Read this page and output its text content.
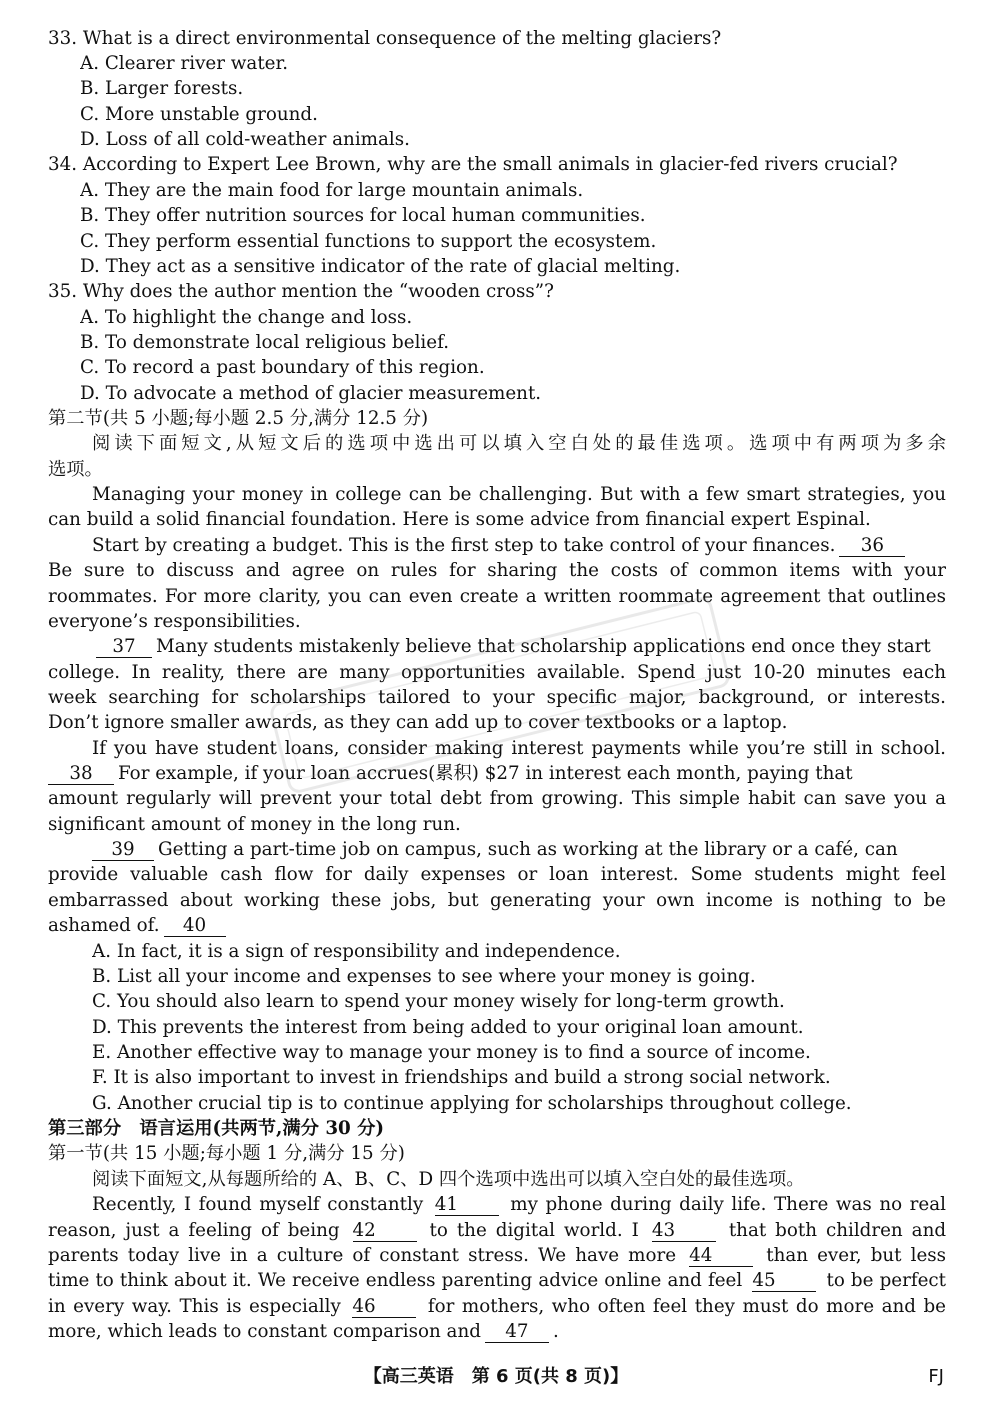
33. What is a direct environmental consequence of the melting glaciers?
A. Clearer river water.
B. Larger forests.
C. More unstable ground.
D. Loss of all cold-weather animals.
34. According to Expert Lee Brown, why are the small animals in glacier-fed rivers crucial?
A. They are the main food for large mountain animals.
B. They offer nutrition sources for local human communities.
C. They perform essential functions to support the ecosystem.
D. They act as a sensitive indicator of the rate of glacial melting.
35. Why does the author mention the “wooden cross”?
A. To highlight the change and loss.
B. To demonstrate local religious belief.
C. To record a past boundary of this region.
D. To advocate a method of glacier measurement.
第二节(共 5 小题;每小题 2.5 分,满分 12.5 分)
阅读下面短文,从短文后的选项中选出可以填入空白处的最佳选项。选项中有两项为多余
选项。
Managing your money in college can be challenging. But with a few smart strategies, you
can build a solid financial foundation. Here is some advice from financial expert Espinal.
Start by creating a budget. This is the first step to take control of your finances. 36
Be sure to discuss and agree on rules for sharing the costs of common items with your
roommates. For more clarity, you can even create a written roommate agreement that outlines
everyone’s responsibilities.
37 Many students mistakenly believe that scholarship applications end once they start
college. In reality, there are many opportunities available. Spend just 10-20 minutes each
week searching for scholarships tailored to your specific major, background, or interests.
Don’t ignore smaller awards, as they can add up to cover textbooks or a laptop.
If you have student loans, consider making interest payments while you’re still in school.
38 For example, if your loan accrues(累积) $27 in interest each month, paying that
amount regularly will prevent your total debt from growing. This simple habit can save you a
significant amount of money in the long run.
39 Getting a part-time job on campus, such as working at the library or a café, can
provide valuable cash flow for daily expenses or loan interest. Some students might feel
embarrassed about working these jobs, but generating your own income is nothing to be
ashamed of. 40
A. In fact, it is a sign of responsibility and independence.
B. List all your income and expenses to see where your money is going.
C. You should also learn to spend your money wisely for long-term growth.
D. This prevents the interest from being added to your original loan amount.
E. Another effective way to manage your money is to find a source of income.
F. It is also important to invest in friendships and build a strong social network.
G. Another crucial tip is to continue applying for scholarships throughout college.
第三部分　语言运用(共两节,满分 30 分)
第一节(共 15 小题;每小题 1 分,满分 15 分)
阅读下面短文,从每题所给的 A、B、C、D 四个选项中选出可以填入空白处的最佳选项。
Recently, I found myself constantly 41	my phone during daily life. There was no real
reason, just a feeling of being 42	to the digital world. I 43	that both children and
parents today live in a culture of constant stress. We have more 44	than ever, but less
time to think about it. We receive endless parenting advice online and feel 45	to be perfect
in every way. This is especially 46	for mothers, who often feel they must do more and be
more, which leads to constant comparison and 47 .
【高三英语　第 6 页(共 8 页)】	FJ
